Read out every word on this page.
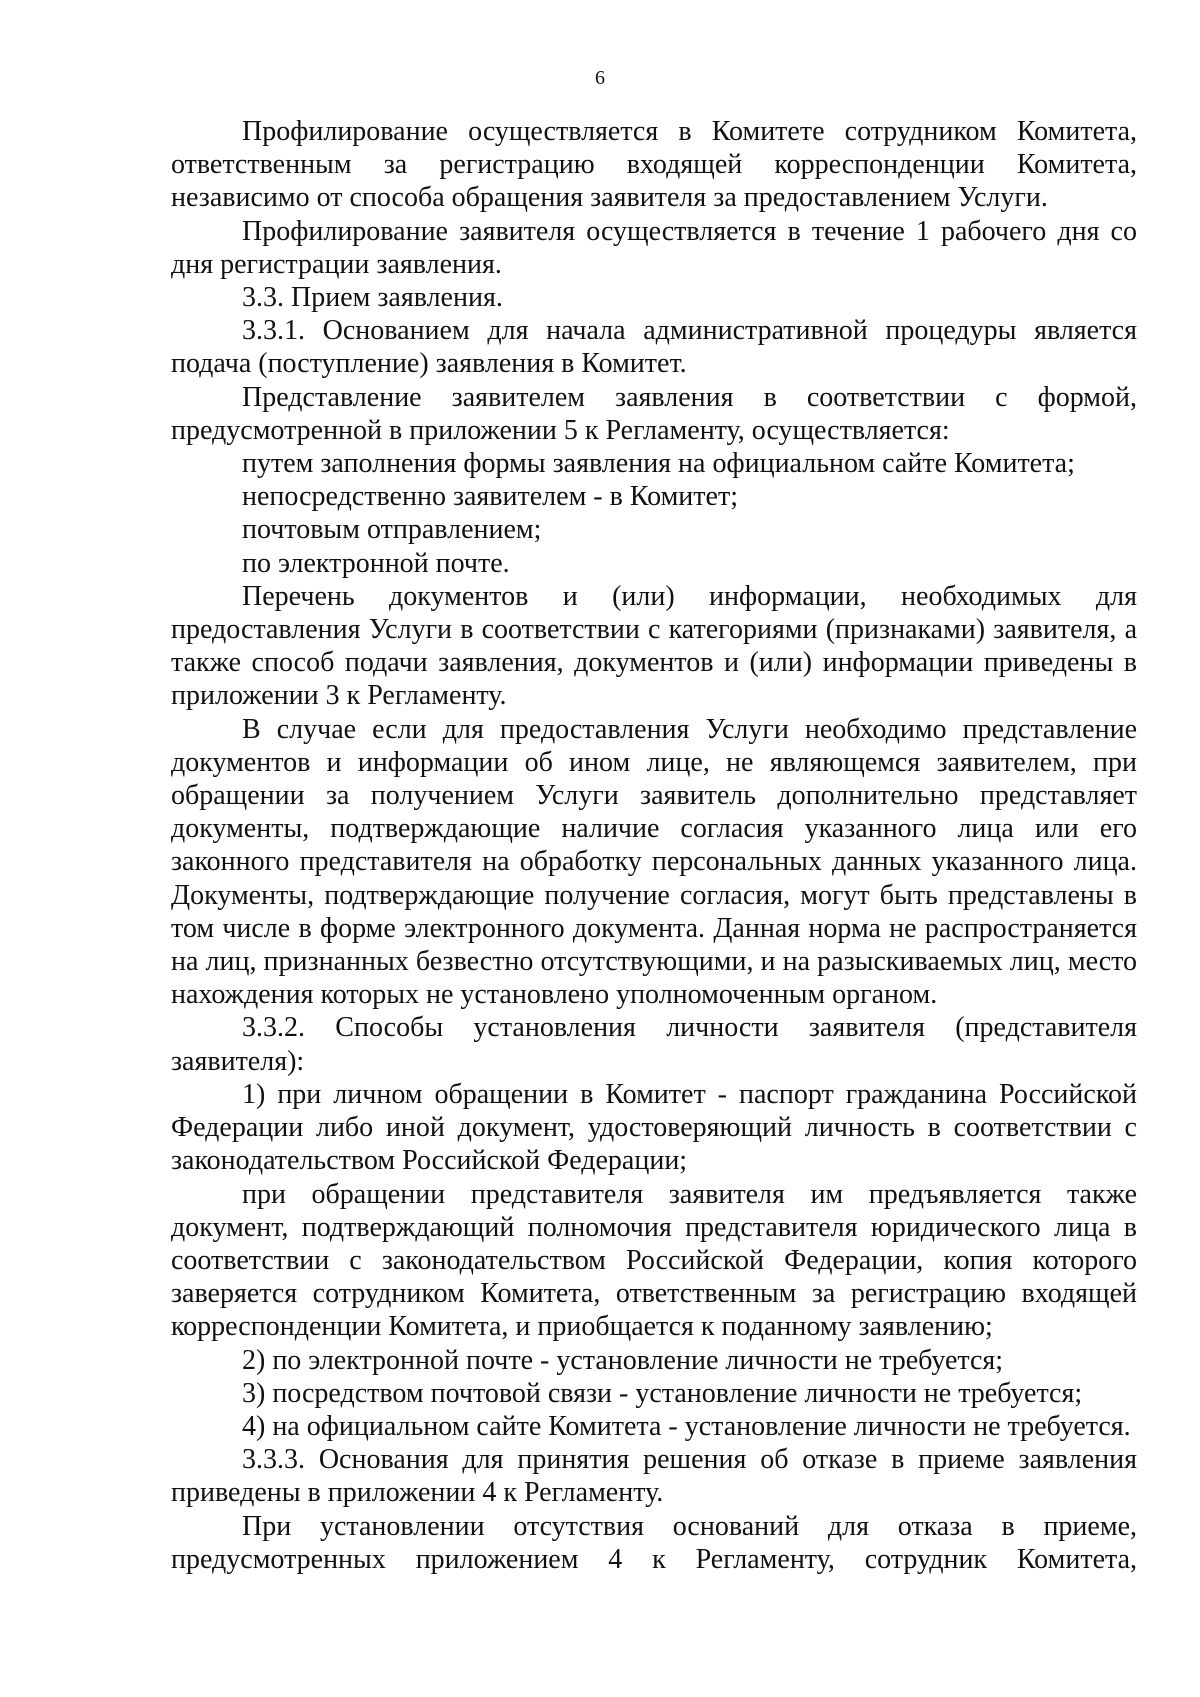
6

Профилирование осуществляется в Комитете сотрудником Комитета, ответственным за регистрацию входящей корреспонденции Комитета, независимо от способа обращения заявителя за предоставлением Услуги.

Профилирование заявителя осуществляется в течение 1 рабочего дня со дня регистрации заявления.

3.3. Прием заявления.

3.3.1. Основанием для начала административной процедуры является подача (поступление) заявления в Комитет.

Представление заявителем заявления в соответствии с формой, предусмотренной в приложении 5 к Регламенту, осуществляется:

путем заполнения формы заявления на официальном сайте Комитета;

непосредственно заявителем - в Комитет;

почтовым отправлением;

по электронной почте.

Перечень документов и (или) информации, необходимых для предоставления Услуги в соответствии с категориями (признаками) заявителя, а также способ подачи заявления, документов и (или) информации приведены в приложении 3 к Регламенту.

В случае если для предоставления Услуги необходимо представление документов и информации об ином лице, не являющемся заявителем, при обращении за получением Услуги заявитель дополнительно представляет документы, подтверждающие наличие согласия указанного лица или его законного представителя на обработку персональных данных указанного лица. Документы, подтверждающие получение согласия, могут быть представлены в том числе в форме электронного документа. Данная норма не распространяется на лиц, признанных безвестно отсутствующими, и на разыскиваемых лиц, место нахождения которых не установлено уполномоченным органом.

3.3.2. Способы установления личности заявителя (представителя заявителя):

1) при личном обращении в Комитет - паспорт гражданина Российской Федерации либо иной документ, удостоверяющий личность в соответствии с законодательством Российской Федерации;

при обращении представителя заявителя им предъявляется также документ, подтверждающий полномочия представителя юридического лица в соответствии с законодательством Российской Федерации, копия которого заверяется сотрудником Комитета, ответственным за регистрацию входящей корреспонденции Комитета, и приобщается к поданному заявлению;

2) по электронной почте - установление личности не требуется;

3) посредством почтовой связи - установление личности не требуется;

4) на официальном сайте Комитета - установление личности не требуется.

3.3.3. Основания для принятия решения об отказе в приеме заявления приведены в приложении 4 к Регламенту.

При установлении отсутствия оснований для отказа в приеме, предусмотренных приложением 4 к Регламенту, сотрудник Комитета,
